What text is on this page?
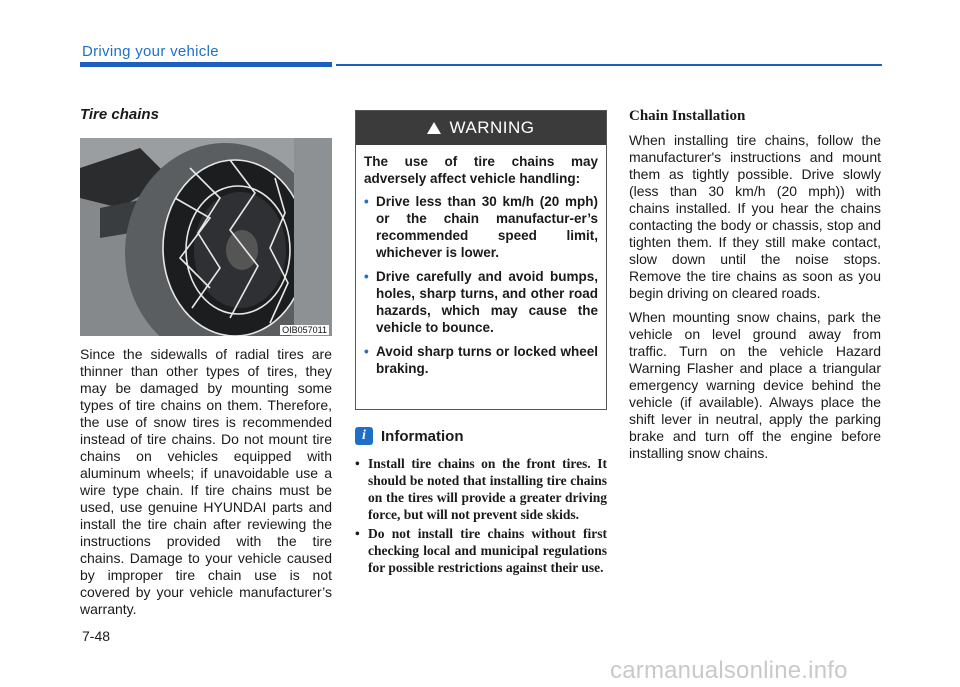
Driving your vehicle
Tire chains
OIB057011

Since the sidewalls of radial tires are thinner than other types of tires, they may be damaged by mounting some types of tire chains on them. Therefore, the use of snow tires is recommended instead of tire chains. Do not mount tire chains on vehicles equipped with aluminum wheels; if unavoidable use a wire type chain. If tire chains must be used, use genuine HYUNDAI parts and install the tire chain after reviewing the instructions provided with the tire chains. Damage to your vehicle caused by improper tire chain use is not covered by your vehicle manufacturer’s warranty.

WARNING

The use of tire chains may adversely affect vehicle handling:

• Drive less than 30 km/h (20 mph) or the chain manufactur-er’s recommended speed limit, whichever is lower.
• Drive carefully and avoid bumps, holes, sharp turns, and other road hazards, which may cause the vehicle to bounce.
• Avoid sharp turns or locked wheel braking.
i	Information
• Install tire chains on the front tires. It should be noted that installing tire chains on the tires will provide a greater driving force, but will not prevent side skids.
• Do not install tire chains without first checking local and municipal regulations for possible restrictions against their use.
Chain Installation

When installing tire chains, follow the manufacturer's instructions and mount them as tightly possible. Drive slowly (less than 30 km/h (20 mph)) with chains installed. If you hear the chains contacting the body or chassis, stop and tighten them. If they still make contact, slow down until the noise stops. Remove the tire chains as soon as you begin driving on cleared roads.

When mounting snow chains, park the vehicle on level ground away from traffic. Turn on the vehicle Hazard Warning Flasher and place a triangular emergency warning device behind the vehicle (if available). Always place the shift lever in neutral, apply the parking brake and turn off the engine before installing snow chains.

7-48
carmanualsonline.info
